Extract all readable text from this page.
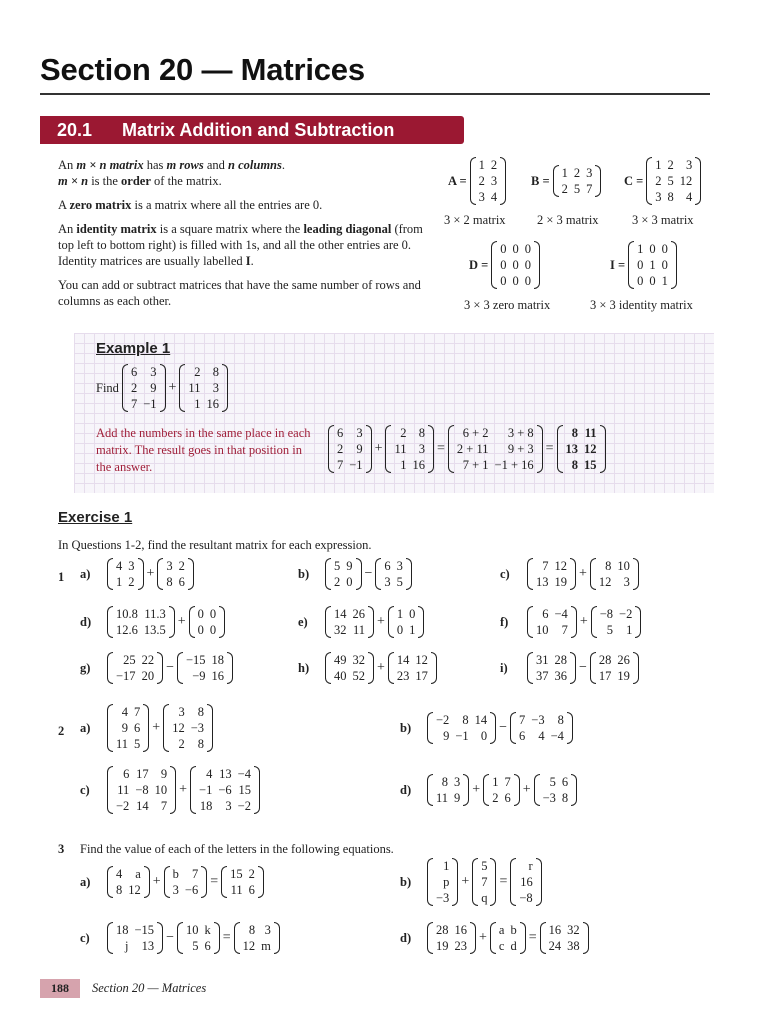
Section 20 — Matrices
20.1 Matrix Addition and Subtraction

An m × n matrix has m rows and n columns.
m × n is the order of the matrix.

A zero matrix is a matrix where all the entries are 0.

An identity matrix is a square matrix where the leading diagonal (from top left to bottom right) is filled with 1s, and all the other entries are 0. Identity matrices are usually labelled I.

You can add or subtract matrices that have the same number of rows and columns as each other.

A =
1	2
2	3
3	4
3 × 2 matrix
B =
1	2	3
2	5	7
2 × 3 matrix
C =
1	2	3
2	5	12
3	8	4
3 × 3 matrix
D =
0	0	0
0	0	0
0	0	0
3 × 3 zero matrix
I =
1	0	0
0	1	0
0	0	1
3 × 3 identity matrix
Example 1
Find
6	3
2	9
7	−1
+
2	8
11	3
1	16
Add the numbers in the same place in each matrix. The result goes in that position in the answer.
6	3
2	9
7	−1
+
2	8
11	3
1	16
=
6 + 2	3 + 8
2 + 11	9 + 3
7 + 1	−1 + 16
=
8	11
13	12
8	15
Exercise 1
In Questions 1-2, find the resultant matrix for each expression.
1 a)
4	3
1	2
+ 3	2
8	6
b)
5	9
2	0
− 6	3
3	5
c)
7	12
13	19
+ 8	10
12	3
d)
10.8	11.3
12.6	13.5
+ 0	0
0	0
e)
14	26
32	11
+ 1	0
0	1
f)
6	−4
10	7
+ −8	−2
5	1
g)
25	22
−17	20
− −15	18
−9	16
h)
49	32
40	52
+ 14	12
23	17
i)
31	28
37	36
− 28	26
17	19
2 a)
4	7
9	6
11	5
+
3	8
12	−3
2	8
b)
−2	8	14
9	−1	0
− 7	−3	8
6	4	−4
c)
6	17	9
11	−8	10
−2	14	7
+
4	13	−4
−1	−6	15
18	3	−2
d)
8	3
11	9
+ 1	7
2	6
+ 5	6
−3	8
3 Find the value of each of the letters in the following equations.
a)
4	a
8	12
+ b	7
3	−6
= 15	2
11	6
b)
1
p
−3
+
5
7
q
=
r
16
−8
c)
18	−15
j	13
− 10	k
5	6
= 8	3
12	m
d)
28	16
19	23
+ a	b
c	d
= 16	32
24	38
188	Section 20 — Matrices
